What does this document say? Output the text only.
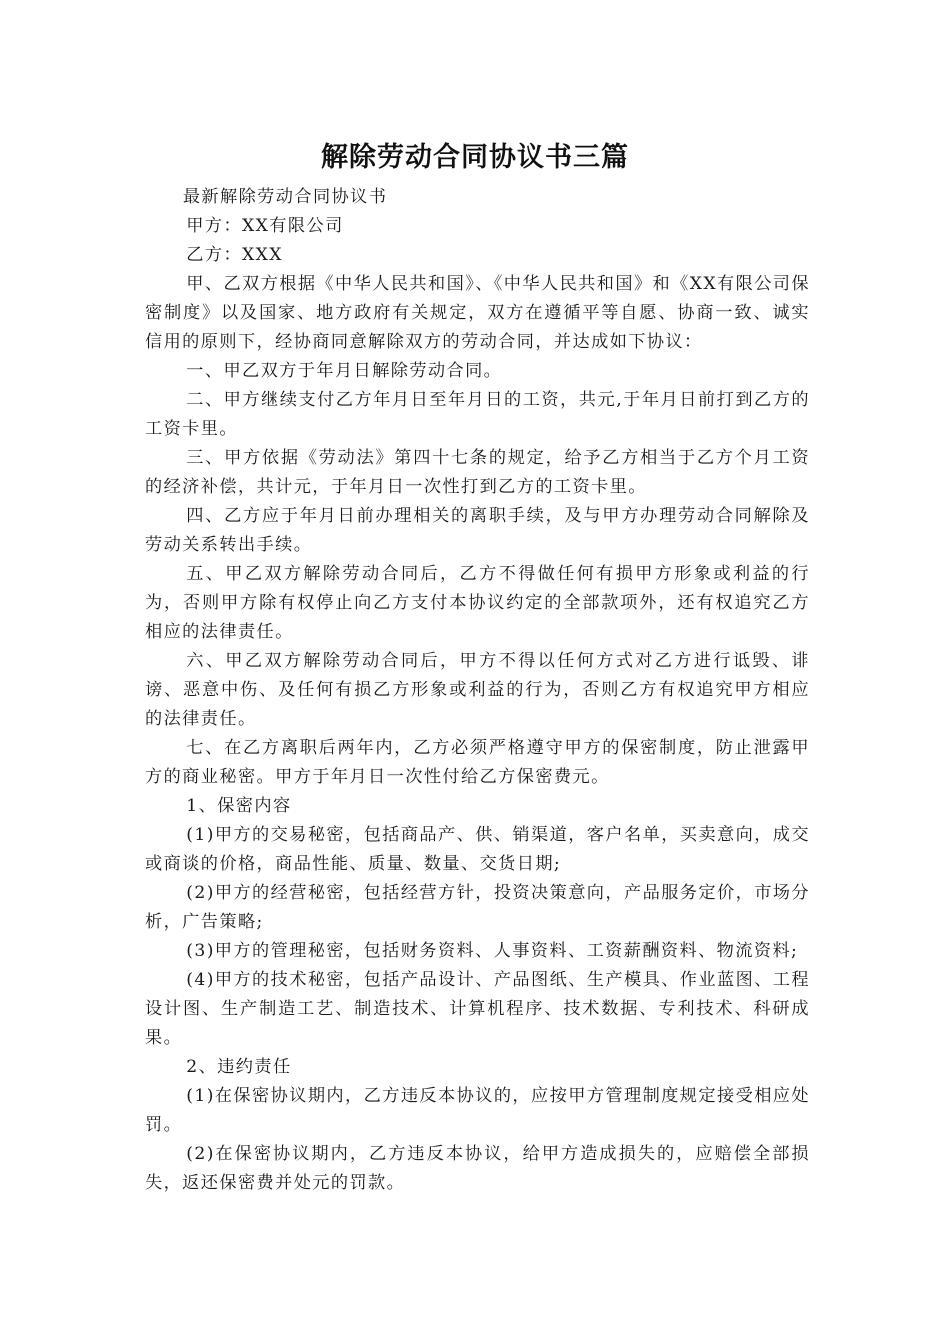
解除劳动合同协议书三篇

最新解除劳动合同协议书

甲方：XX有限公司

乙方：XXX

甲、乙双方根据《中华人民共和国》、《中华人民共和国》和《XX有限公司保密制度》以及国家、地方政府有关规定，双方在遵循平等自愿、协商一致、诚实信用的原则下，经协商同意解除双方的劳动合同，并达成如下协议：

一、甲乙双方于年月日解除劳动合同。

二、甲方继续支付乙方年月日至年月日的工资，共元,于年月日前打到乙方的工资卡里。

三、甲方依据《劳动法》第四十七条的规定，给予乙方相当于乙方个月工资的经济补偿，共计元，于年月日一次性打到乙方的工资卡里。

四、乙方应于年月日前办理相关的离职手续，及与甲方办理劳动合同解除及劳动关系转出手续。

五、甲乙双方解除劳动合同后，乙方不得做任何有损甲方形象或利益的行为，否则甲方除有权停止向乙方支付本协议约定的全部款项外，还有权追究乙方相应的法律责任。

六、甲乙双方解除劳动合同后，甲方不得以任何方式对乙方进行诋毁、诽谤、恶意中伤、及任何有损乙方形象或利益的行为，否则乙方有权追究甲方相应的法律责任。

七、在乙方离职后两年内，乙方必须严格遵守甲方的保密制度，防止泄露甲方的商业秘密。甲方于年月日一次性付给乙方保密费元。

1、保密内容

(1)甲方的交易秘密，包括商品产、供、销渠道，客户名单，买卖意向，成交或商谈的价格，商品性能、质量、数量、交货日期;

(2)甲方的经营秘密，包括经营方针，投资决策意向，产品服务定价，市场分析，广告策略;

(3)甲方的管理秘密，包括财务资料、人事资料、工资薪酬资料、物流资料;

(4)甲方的技术秘密，包括产品设计、产品图纸、生产模具、作业蓝图、工程设计图、生产制造工艺、制造技术、计算机程序、技术数据、专利技术、科研成果。

2、违约责任

(1)在保密协议期内，乙方违反本协议的，应按甲方管理制度规定接受相应处罚。

(2)在保密协议期内，乙方违反本协议，给甲方造成损失的，应赔偿全部损失，返还保密费并处元的罚款。
